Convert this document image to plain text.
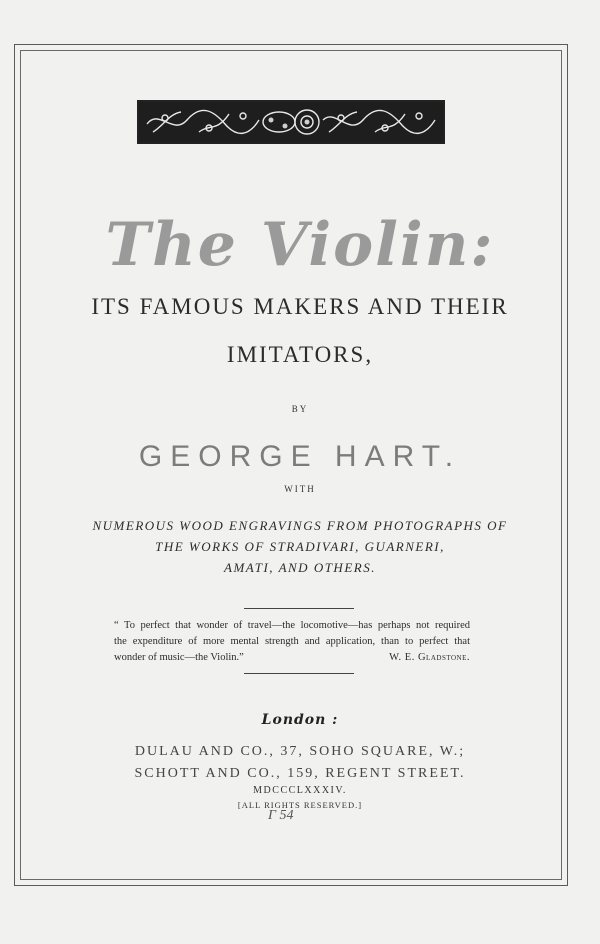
The Violin:
ITS FAMOUS MAKERS AND THEIR
IMITATORS,
BY
GEORGE HART.
WITH
NUMEROUS WOOD ENGRAVINGS FROM PHOTOGRAPHS OF
THE WORKS OF STRADIVARI, GUARNERI,
AMATI, AND OTHERS.
“ To perfect that wonder of travel—the locomotive—has perhaps not required
the expenditure of more mental strength and application, than to perfect that
wonder of music—the Violin.”	W. E. Gladstone.
London :
DULAU AND CO., 37, SOHO SQUARE, W.;
SCHOTT AND CO., 159, REGENT STREET.
MDCCCLXXXIV.
[ALL RIGHTS RESERVED.]
Γ 54
